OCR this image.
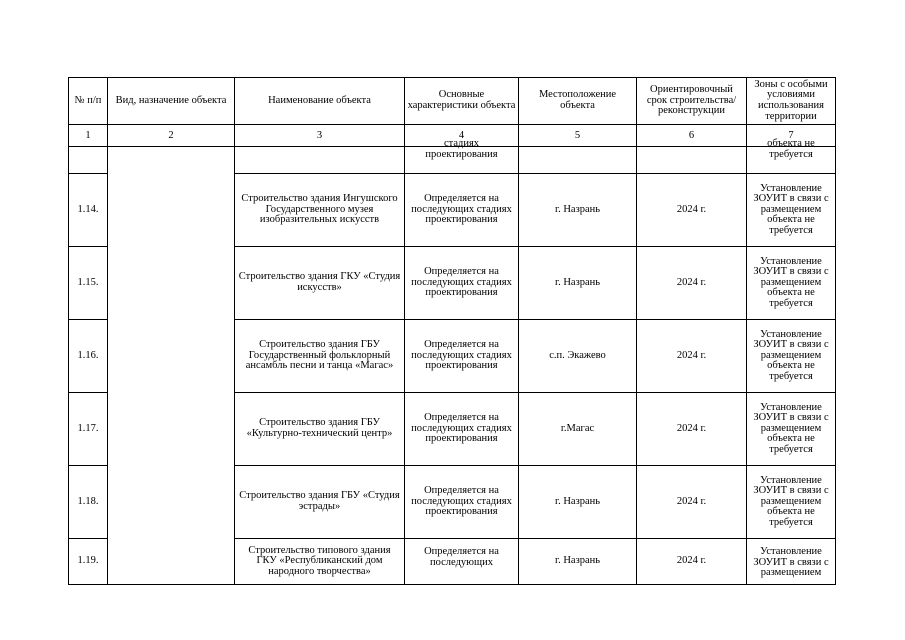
№ п/п	Вид, назначение объекта	Наименование объекта	Основные характеристики объекта	Местоположение объекта	Ориентировочный срок строительства/ реконструкции	Зоны с особыми условиями использования территории
1	2	3	4	5	6	7

			стадиях проектирования			объекта не требуется

1.14.		Строительство здания Ингушского Государственного музея изобразительных искусств	Определяется на последующих стадиях проектирования	г. Назрань	2024 г.	Установление ЗОУИТ в связи с размещением объекта не требуется
1.15.		Строительство здания ГКУ «Студия искусств»	Определяется на последующих стадиях проектирования	г. Назрань	2024 г.	Установление ЗОУИТ в связи с размещением объекта не требуется
1.16.		Строительство здания ГБУ Государственный фольклорный ансамбль песни и танца «Магас»	Определяется на последующих стадиях проектирования	с.п. Экажево	2024 г.	Установление ЗОУИТ в связи с размещением объекта не требуется
1.17.		Строительство здания ГБУ «Культурно-технический центр»	Определяется на последующих стадиях проектирования	г.Магас	2024 г.	Установление ЗОУИТ в связи с размещением объекта не требуется
1.18.		Строительство здания ГБУ «Студия эстрады»	Определяется на последующих стадиях проектирования	г. Назрань	2024 г.	Установление ЗОУИТ в связи с размещением объекта не требуется
1.19.		Строительство типового здания ГКУ «Республиканский дом народного творчества»	Определяется на последующих	г. Назрань	2024 г.	Установление ЗОУИТ в связи с размещением
